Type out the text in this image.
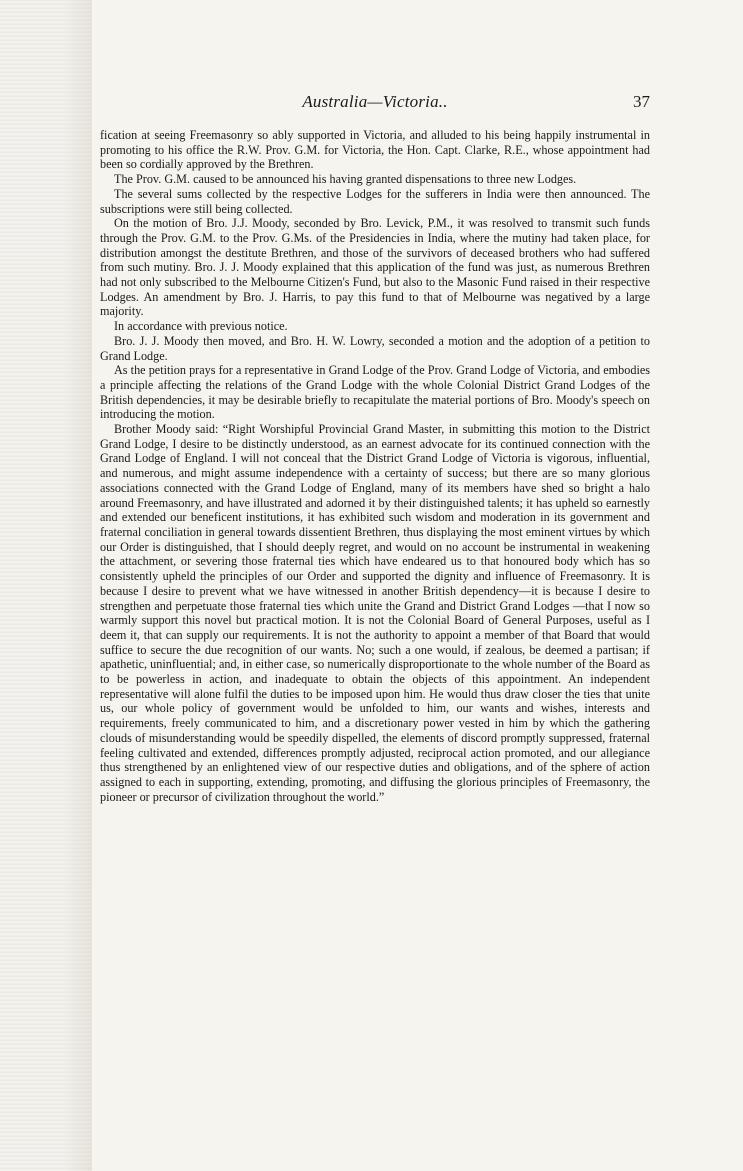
Australia—Victoria..	37

fication at seeing Freemasonry so ably supported in Victoria, and alluded to his being happily instrumental in promoting to his office the R.W. Prov. G.M. for Victoria, the Hon. Capt. Clarke, R.E., whose appointment had been so cordially approved by the Brethren.

The Prov. G.M. caused to be announced his having granted dispensations to three new Lodges.

The several sums collected by the respective Lodges for the sufferers in India were then announced. The subscriptions were still being collected.

On the motion of Bro. J.J. Moody, seconded by Bro. Levick, P.M., it was resolved to transmit such funds through the Prov. G.M. to the Prov. G.Ms. of the Presidencies in India, where the mutiny had taken place, for distribution amongst the destitute Brethren, and those of the survivors of deceased brothers who had suffered from such mutiny. Bro. J. J. Moody explained that this application of the fund was just, as numerous Brethren had not only subscribed to the Melbourne Citizen's Fund, but also to the Masonic Fund raised in their respective Lodges. An amendment by Bro. J. Harris, to pay this fund to that of Melbourne was negatived by a large majority.

In accordance with previous notice.

Bro. J. J. Moody then moved, and Bro. H. W. Lowry, seconded a motion and the adoption of a petition to Grand Lodge.

As the petition prays for a representative in Grand Lodge of the Prov. Grand Lodge of Victoria, and embodies a principle affecting the relations of the Grand Lodge with the whole Colonial District Grand Lodges of the British dependencies, it may be desirable briefly to recapitulate the material portions of Bro. Moody's speech on introducing the motion.

Brother Moody said: “Right Worshipful Provincial Grand Master, in submitting this motion to the District Grand Lodge, I desire to be distinctly understood, as an earnest advocate for its continued connection with the Grand Lodge of England. I will not conceal that the District Grand Lodge of Victoria is vigorous, influential, and numerous, and might assume independence with a certainty of success; but there are so many glorious associations connected with the Grand Lodge of England, many of its members have shed so bright a halo around Freemasonry, and have illustrated and adorned it by their distinguished talents; it has upheld so earnestly and extended our beneficent institutions, it has exhibited such wisdom and moderation in its government and fraternal conciliation in general towards dissentient Brethren, thus displaying the most eminent virtues by which our Order is distinguished, that I should deeply regret, and would on no account be instrumental in weakening the attachment, or severing those fraternal ties which have endeared us to that honoured body which has so consistently upheld the principles of our Order and supported the dignity and influence of Freemasonry. It is because I desire to prevent what we have witnessed in another British dependency—it is because I desire to strengthen and perpetuate those fraternal ties which unite the Grand and District Grand Lodges —that I now so warmly support this novel but practical motion. It is not the Colonial Board of General Purposes, useful as I deem it, that can supply our requirements. It is not the authority to appoint a member of that Board that would suffice to secure the due recognition of our wants. No; such a one would, if zealous, be deemed a partisan; if apathetic, uninfluential; and, in either case, so numerically disproportionate to the whole number of the Board as to be powerless in action, and inadequate to obtain the objects of this appointment. An independent representative will alone fulfil the duties to be imposed upon him. He would thus draw closer the ties that unite us, our whole policy of government would be unfolded to him, our wants and wishes, interests and requirements, freely communicated to him, and a discretionary power vested in him by which the gathering clouds of misunderstanding would be speedily dispelled, the elements of discord promptly suppressed, fraternal feeling cultivated and extended, differences promptly adjusted, reciprocal action promoted, and our allegiance thus strengthened by an enlightened view of our respective duties and obligations, and of the sphere of action assigned to each in supporting, extending, promoting, and diffusing the glorious principles of Freemasonry, the pioneer or precursor of civilization throughout the world.”
